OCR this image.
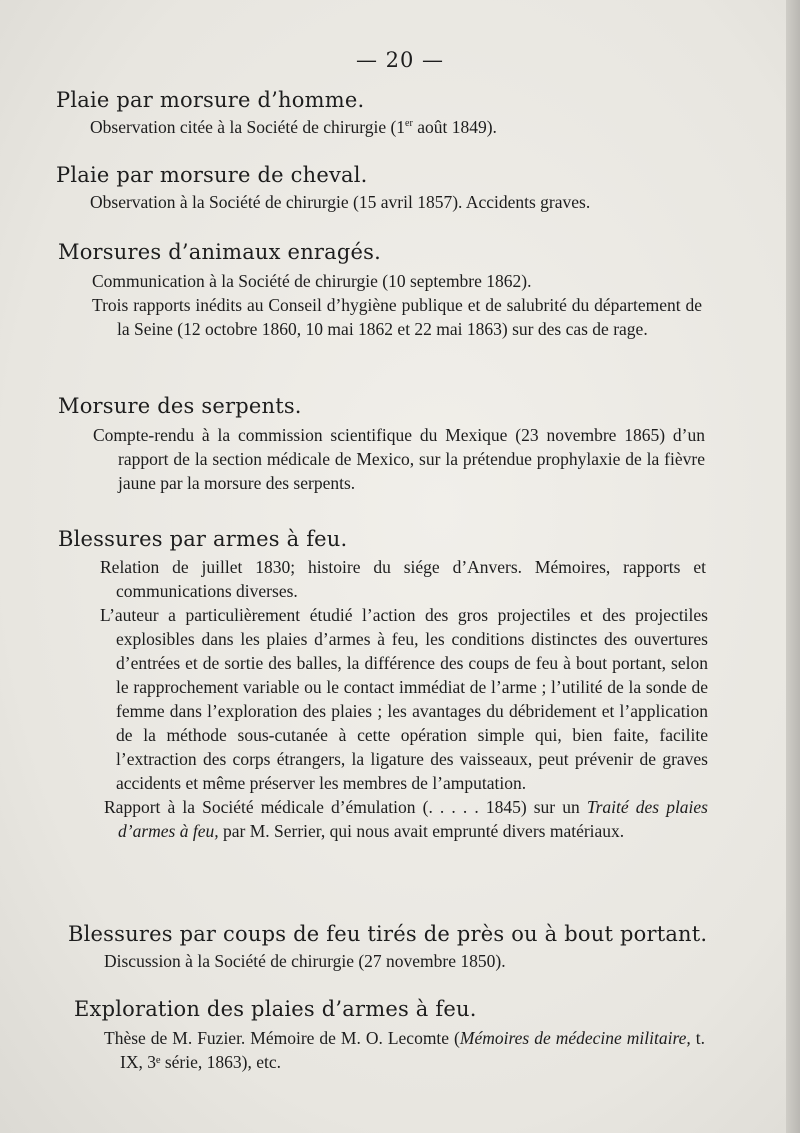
— 20 —
Plaie par morsure d’homme.
Observation citée à la Société de chirurgie (1er août 1849).
Plaie par morsure de cheval.
Observation à la Société de chirurgie (15 avril 1857). Accidents graves.
Morsures d’animaux enragés.
Communication à la Société de chirurgie (10 septembre 1862).
Trois rapports inédits au Conseil d’hygiène publique et de salubrité du département de la Seine (12 octobre 1860, 10 mai 1862 et 22 mai 1863) sur des cas de rage.
Morsure des serpents.
Compte-rendu à la commission scientifique du Mexique (23 novembre 1865) d’un rapport de la section médicale de Mexico, sur la prétendue prophylaxie de la fièvre jaune par la morsure des serpents.
Blessures par armes à feu.
Relation de juillet 1830; histoire du siége d’Anvers. Mémoires, rapports et communications diverses.
L’auteur a particulièrement étudié l’action des gros projectiles et des projectiles explosibles dans les plaies d’armes à feu, les conditions distinctes des ouvertures d’entrées et de sortie des balles, la différence des coups de feu à bout portant, selon le rapprochement variable ou le contact immédiat de l’arme ; l’utilité de la sonde de femme dans l’exploration des plaies ; les avantages du débridement et l’application de la méthode sous-cutanée à cette opération simple qui, bien faite, facilite l’extraction des corps étrangers, la ligature des vaisseaux, peut prévenir de graves accidents et même préserver les membres de l’amputation.
Rapport à la Société médicale d’émulation (. . . . . 1845) sur un Traité des plaies d’armes à feu, par M. Serrier, qui nous avait emprunté divers matériaux.
Blessures par coups de feu tirés de près ou à bout portant.
Discussion à la Société de chirurgie (27 novembre 1850).
Exploration des plaies d’armes à feu.
Thèse de M. Fuzier. Mémoire de M. O. Lecomte (Mémoires de médecine militaire, t. IX, 3ᵉ série, 1863), etc.
